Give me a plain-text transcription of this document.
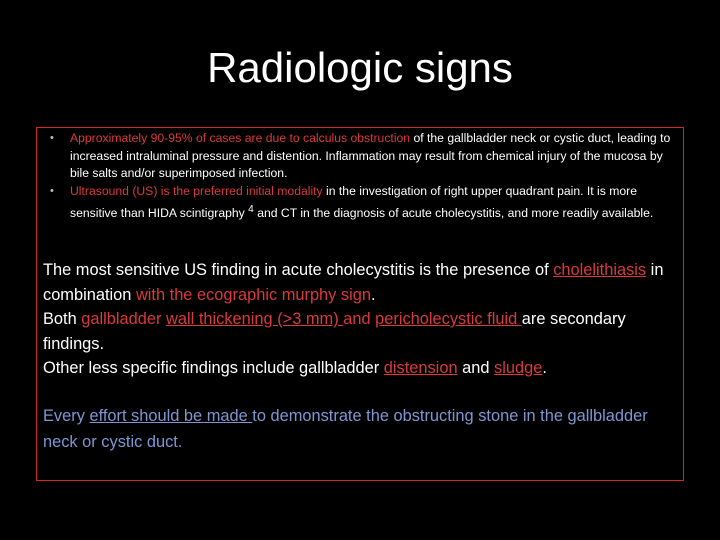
Radiologic signs
• Approximately 90-95% of cases are due to calculus obstruction of the gallbladder neck or cystic duct, leading to increased intraluminal pressure and distention. Inflammation may result from chemical injury of the mucosa by bile salts and/or superimposed infection.
• Ultrasound (US) is the preferred initial modality in the investigation of right upper quadrant pain. It is more sensitive than HIDA scintigraphy $^4$ and CT in the diagnosis of acute cholecystitis, and more readily available.

The most sensitive US finding in acute cholecystitis is the presence of cholelithiasis in combination with the ecographic murphy sign.

Both gallbladder wall thickening (>3 mm) and pericholecystic fluid are secondary findings.

Other less specific findings include gallbladder distension and sludge.

Every effort should be made to demonstrate the obstructing stone in the gallbladder neck or cystic duct.
